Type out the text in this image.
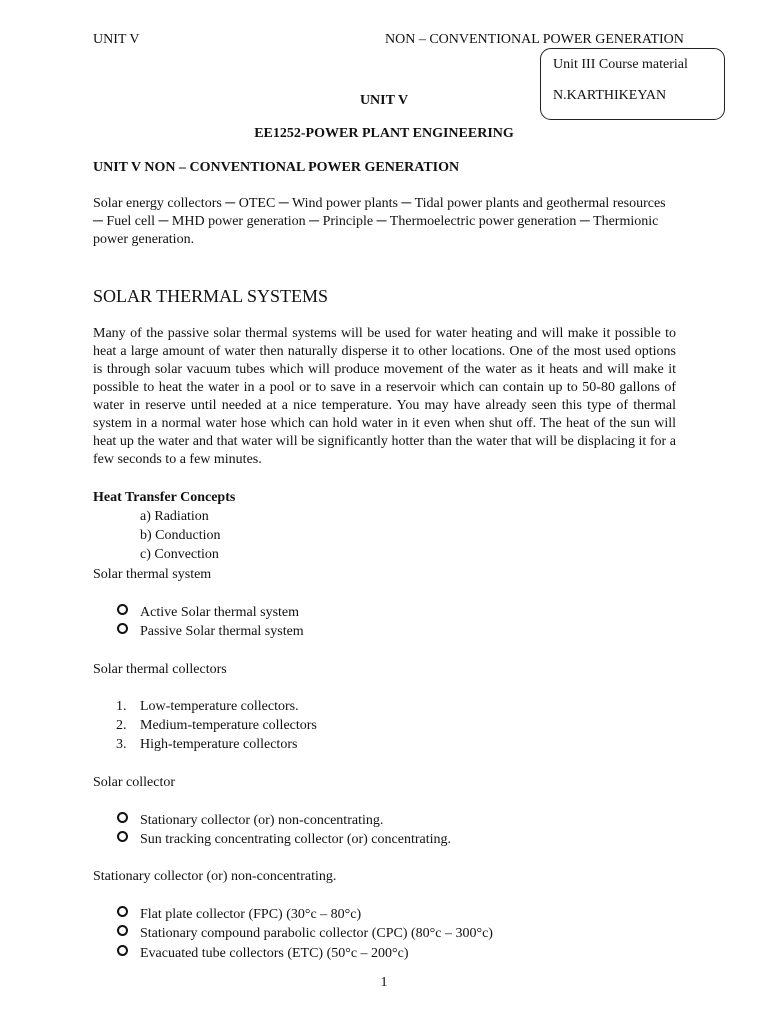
UNIT V	NON – CONVENTIONAL POWER GENERATION
Unit III Course material
N.KARTHIKEYAN
UNIT V
EE1252-POWER PLANT ENGINEERING
UNIT V NON – CONVENTIONAL POWER GENERATION
Solar energy collectors ─ OTEC ─ Wind power plants ─ Tidal power plants and geothermal resources ─ Fuel cell ─ MHD power generation ─ Principle ─ Thermoelectric power generation ─ Thermionic power generation.
SOLAR THERMAL SYSTEMS
Many of the passive solar thermal systems will be used for water heating and will make it possible to heat a large amount of water then naturally disperse it to other locations. One of the most used options is through solar vacuum tubes which will produce movement of the water as it heats and will make it possible to heat the water in a pool or to save in a reservoir which can contain up to 50-80 gallons of water in reserve until needed at a nice temperature. You may have already seen this type of thermal system in a normal water hose which can hold water in it even when shut off. The heat of the sun will heat up the water and that water will be significantly hotter than the water that will be displacing it for a few seconds to a few minutes.
Heat Transfer Concepts
a) Radiation
b) Conduction
c) Convection
Solar thermal system
Active Solar thermal system
Passive Solar thermal system
Solar thermal collectors
1. Low-temperature collectors.
2. Medium-temperature collectors
3. High-temperature collectors
Solar collector
Stationary collector (or) non-concentrating.
Sun tracking concentrating collector (or) concentrating.
Stationary collector (or) non-concentrating.
Flat plate collector (FPC) (30°c – 80°c)
Stationary compound parabolic collector (CPC) (80°c – 300°c)
Evacuated tube collectors (ETC) (50°c – 200°c)
1
